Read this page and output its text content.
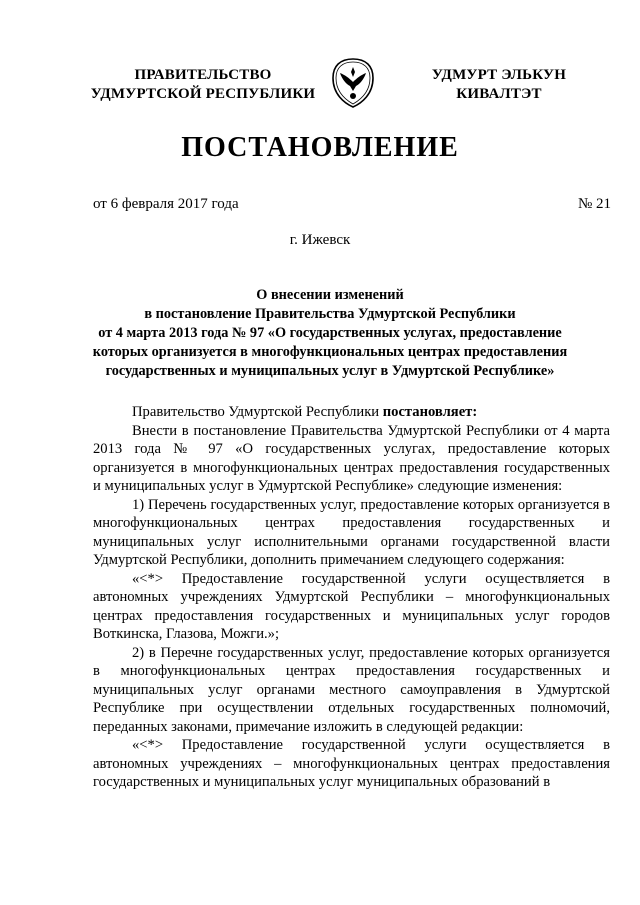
ПРАВИТЕЛЬСТВО
УДМУРТСКОЙ РЕСПУБЛИКИ
УДМУРТ ЭЛЬКУН
КИВАЛТЭТ
ПОСТАНОВЛЕНИЕ
от 6 февраля 2017 года	№ 21
г. Ижевск
О внесении изменений
в постановление Правительства Удмуртской Республики
от 4 марта 2013 года № 97 «О государственных услугах, предоставление
которых организуется в многофункциональных центрах предоставления
государственных и муниципальных услуг в Удмуртской Республике»

Правительство Удмуртской Республики постановляет:

Внести в постановление Правительства Удмуртской Республики от 4 марта 2013 года № 97 «О государственных услугах, предоставление которых организуется в многофункциональных центрах предоставления государственных и муниципальных услуг в Удмуртской Республике» следующие изменения:

1) Перечень государственных услуг, предоставление которых организуется в многофункциональных центрах предоставления государственных и муниципальных услуг исполнительными органами государственной власти Удмуртской Республики, дополнить примечанием следующего содержания:

«<*> Предоставление государственной услуги осуществляется в автономных учреждениях Удмуртской Республики – многофункциональных центрах предоставления государственных и муниципальных услуг городов Воткинска, Глазова, Можги.»;

2) в Перечне государственных услуг, предоставление которых организуется в многофункциональных центрах предоставления государственных и муниципальных услуг органами местного самоуправления в Удмуртской Республике при осуществлении отдельных государственных полномочий, переданных законами, примечание изложить в следующей редакции:

«<*> Предоставление государственной услуги осуществляется в автономных учреждениях – многофункциональных центрах предоставления государственных и муниципальных услуг муниципальных образований в
